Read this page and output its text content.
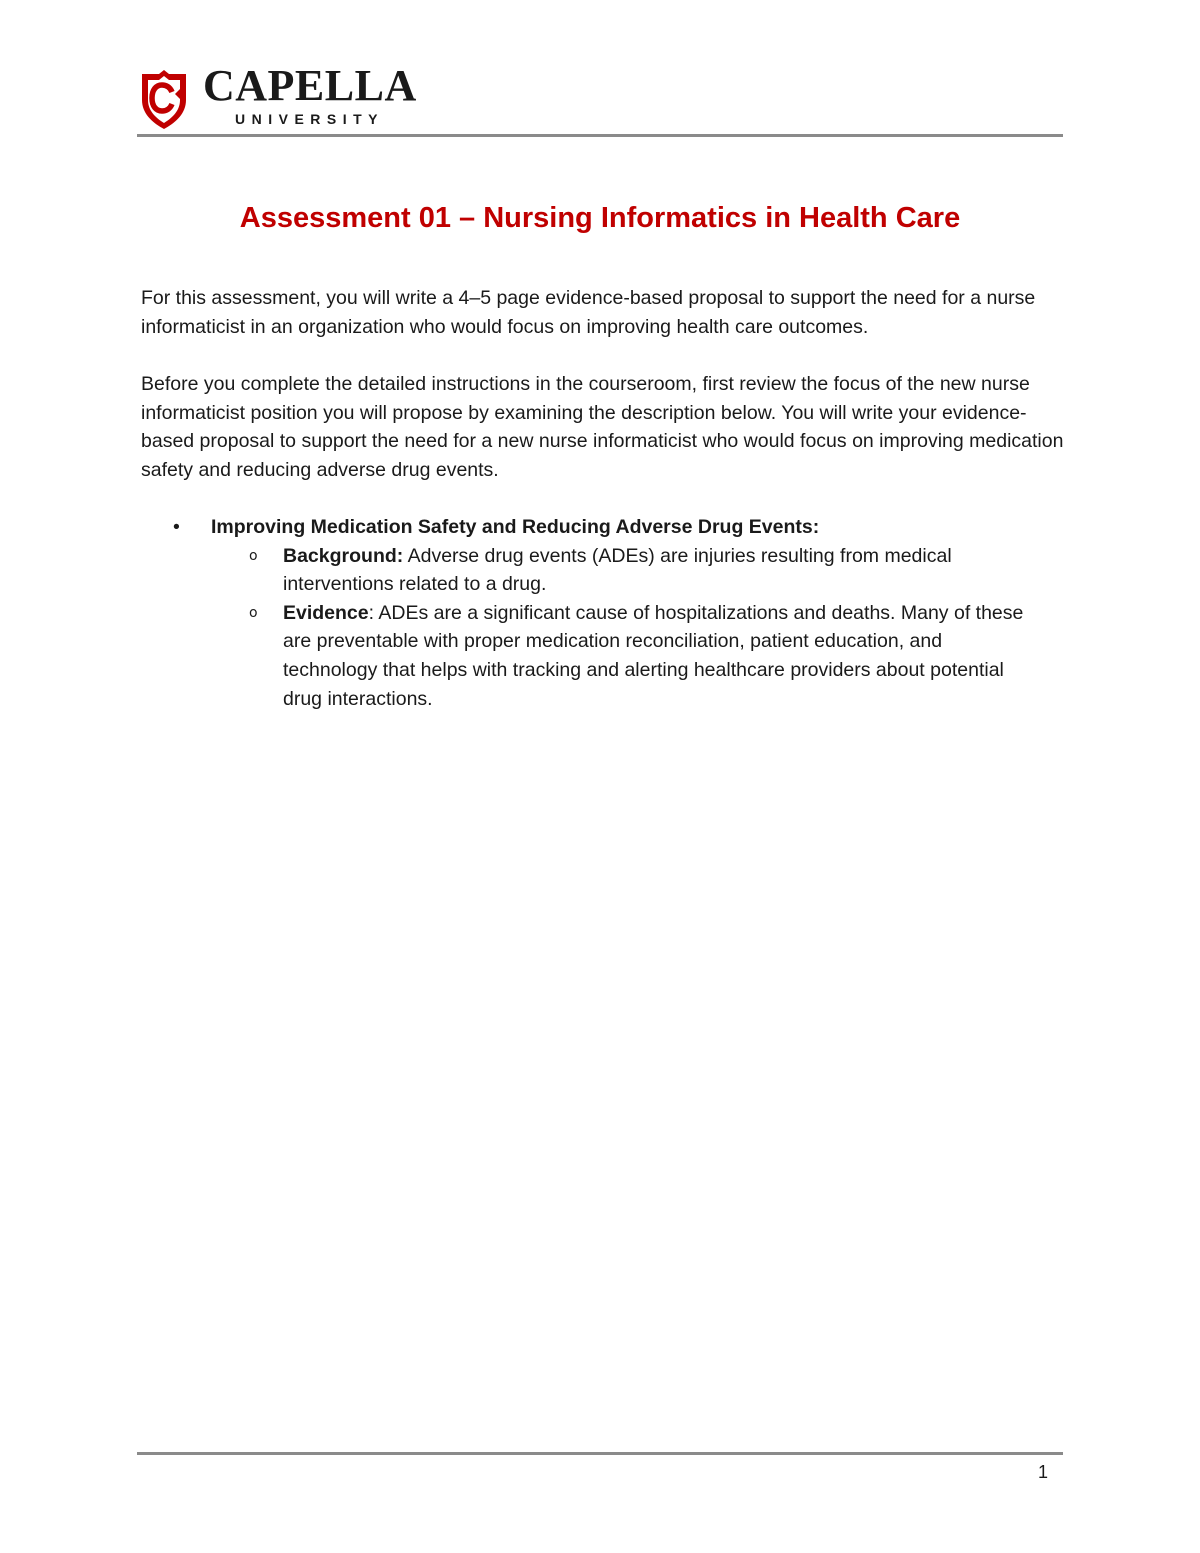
CAPELLA
UNIVERSITY
Assessment 01 – Nursing Informatics in Health Care

For this assessment, you will write a 4–5 page evidence-based proposal to support the need for a nurse informaticist in an organization who would focus on improving health care outcomes.

Before you complete the detailed instructions in the courseroom, first review the focus of the new nurse informaticist position you will propose by examining the description below. You will write your evidence-based proposal to support the need for a new nurse informaticist who would focus on improving medication safety and reducing adverse drug events.

• Improving Medication Safety and Reducing Adverse Drug Events:
o Background: Adverse drug events (ADEs) are injuries resulting from medical interventions related to a drug.
o Evidence: ADEs are a significant cause of hospitalizations and deaths. Many of these are preventable with proper medication reconciliation, patient education, and technology that helps with tracking and alerting healthcare providers about potential drug interactions.
1
